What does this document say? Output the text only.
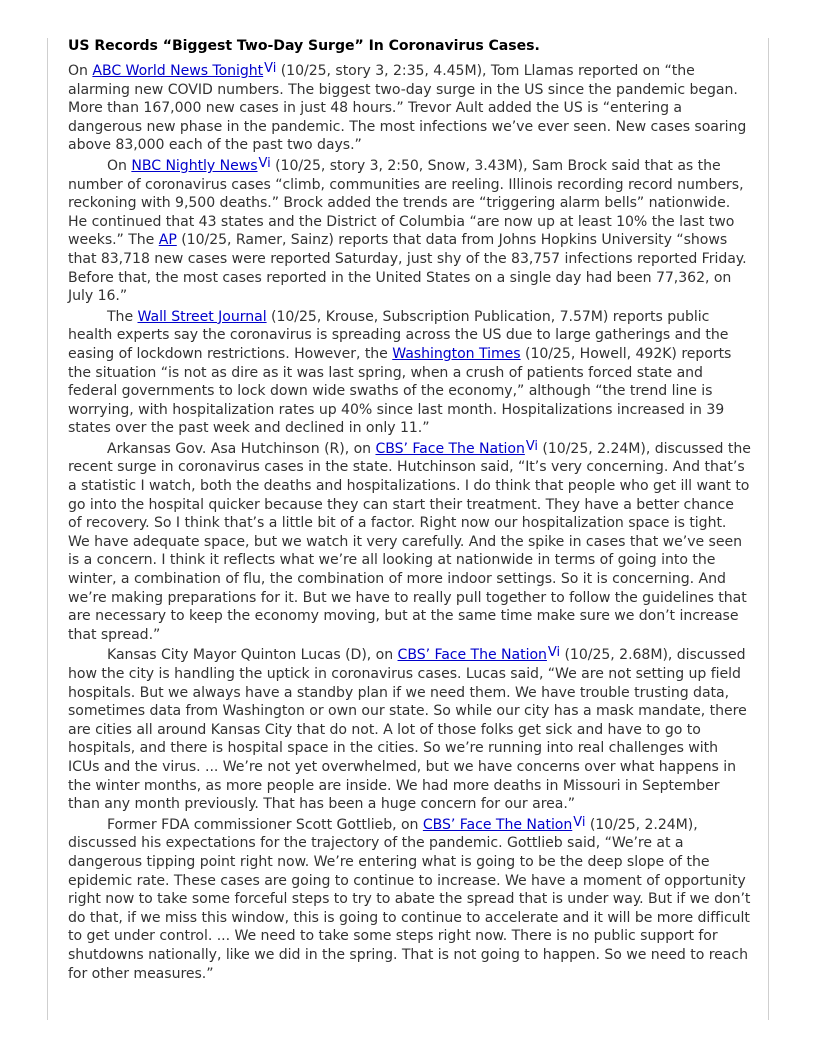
US Records “Biggest Two-Day Surge” In Coronavirus Cases.

On ABC World News Tonight$^{Vi}$ (10/25, story 3, 2:35, 4.45M), Tom Llamas reported on “the alarming new COVID numbers. The biggest two-day surge in the US since the pandemic began. More than 167,000 new cases in just 48 hours.” Trevor Ault added the US is “entering a dangerous new phase in the pandemic. The most infections we’ve ever seen. New cases soaring above 83,000 each of the past two days.”

On NBC Nightly News$^{Vi}$ (10/25, story 3, 2:50, Snow, 3.43M), Sam Brock said that as the number of coronavirus cases “climb, communities are reeling. Illinois recording record numbers, reckoning with 9,500 deaths.” Brock added the trends are “triggering alarm bells” nationwide. He continued that 43 states and the District of Columbia “are now up at least 10% the last two weeks.” The AP (10/25, Ramer, Sainz) reports that data from Johns Hopkins University “shows that 83,718 new cases were reported Saturday, just shy of the 83,757 infections reported Friday. Before that, the most cases reported in the United States on a single day had been 77,362, on July 16.”

The Wall Street Journal (10/25, Krouse, Subscription Publication, 7.57M) reports public health experts say the coronavirus is spreading across the US due to large gatherings and the easing of lockdown restrictions. However, the Washington Times (10/25, Howell, 492K) reports the situation “is not as dire as it was last spring, when a crush of patients forced state and federal governments to lock down wide swaths of the economy,” although “the trend line is worrying, with hospitalization rates up 40% since last month. Hospitalizations increased in 39 states over the past week and declined in only 11.”

Arkansas Gov. Asa Hutchinson (R), on CBS’ Face The Nation$^{Vi}$ (10/25, 2.24M), discussed the recent surge in coronavirus cases in the state. Hutchinson said, “It’s very concerning. And that’s a statistic I watch, both the deaths and hospitalizations. I do think that people who get ill want to go into the hospital quicker because they can start their treatment. They have a better chance of recovery. So I think that’s a little bit of a factor. Right now our hospitalization space is tight. We have adequate space, but we watch it very carefully. And the spike in cases that we’ve seen is a concern. I think it reflects what we’re all looking at nationwide in terms of going into the winter, a combination of flu, the combination of more indoor settings. So it is concerning. And we’re making preparations for it. But we have to really pull together to follow the guidelines that are necessary to keep the economy moving, but at the same time make sure we don’t increase that spread.”

Kansas City Mayor Quinton Lucas (D), on CBS’ Face The Nation$^{Vi}$ (10/25, 2.68M), discussed how the city is handling the uptick in coronavirus cases. Lucas said, “We are not setting up field hospitals. But we always have a standby plan if we need them. We have trouble trusting data, sometimes data from Washington or own our state. So while our city has a mask mandate, there are cities all around Kansas City that do not. A lot of those folks get sick and have to go to hospitals, and there is hospital space in the cities. So we’re running into real challenges with ICUs and the virus. ... We’re not yet overwhelmed, but we have concerns over what happens in the winter months, as more people are inside. We had more deaths in Missouri in September than any month previously. That has been a huge concern for our area.”

Former FDA commissioner Scott Gottlieb, on CBS’ Face The Nation$^{Vi}$ (10/25, 2.24M), discussed his expectations for the trajectory of the pandemic. Gottlieb said, “We’re at a dangerous tipping point right now. We’re entering what is going to be the deep slope of the epidemic rate. These cases are going to continue to increase. We have a moment of opportunity right now to take some forceful steps to try to abate the spread that is under way. But if we don’t do that, if we miss this window, this is going to continue to accelerate and it will be more difficult to get under control. ... We need to take some steps right now. There is no public support for shutdowns nationally, like we did in the spring. That is not going to happen. So we need to reach for other measures.”
